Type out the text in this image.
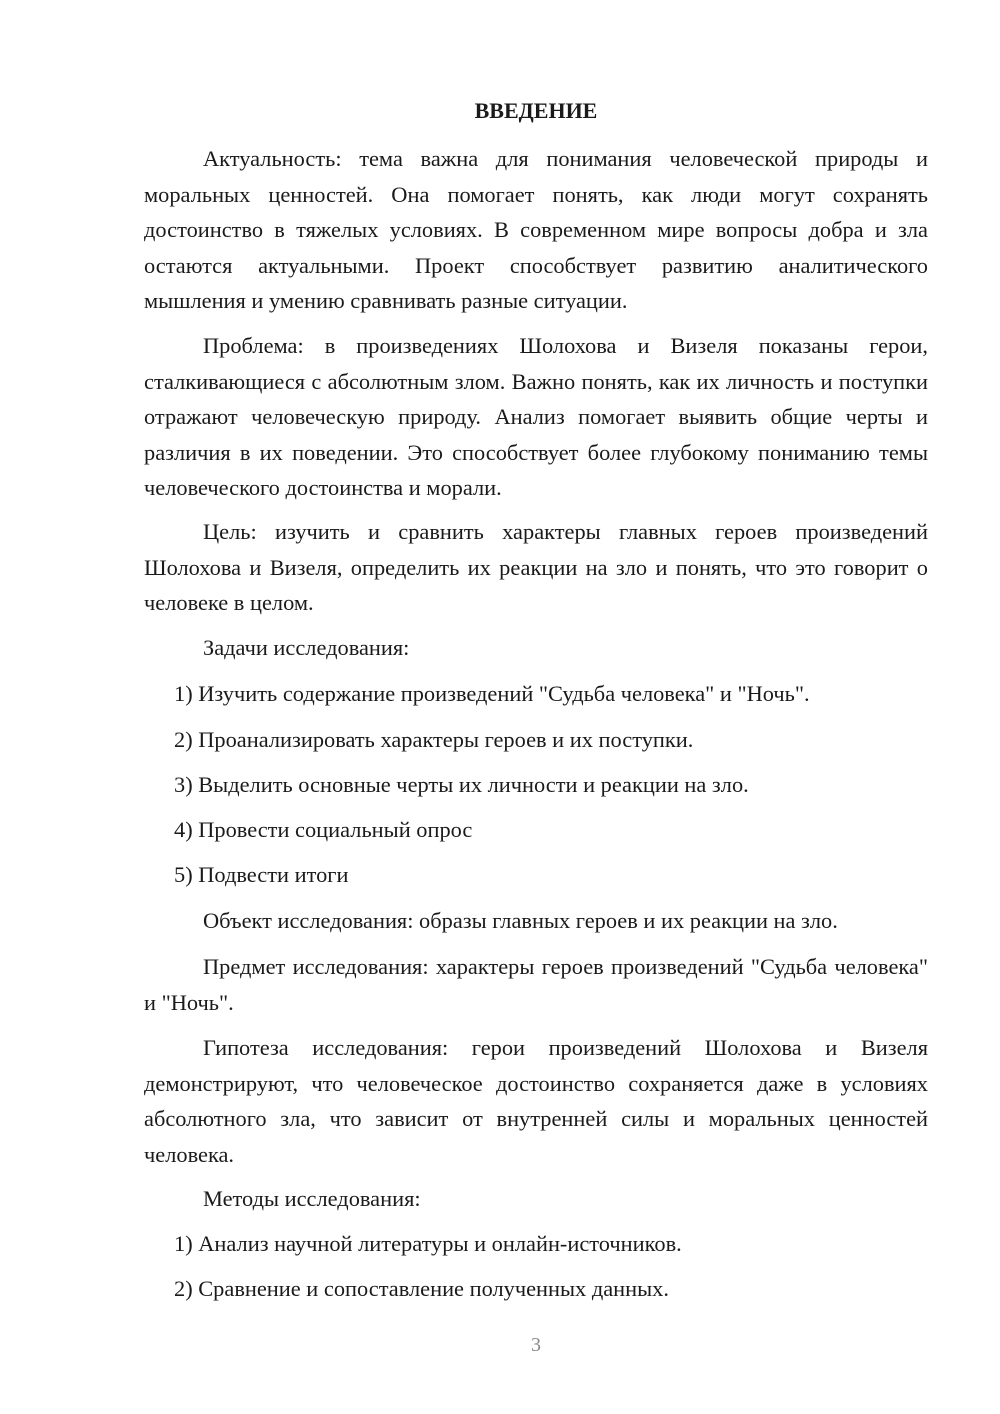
ВВЕДЕНИЕ

Актуальность: тема важна для понимания человеческой природы и моральных ценностей. Она помогает понять, как люди могут сохранять достоинство в тяжелых условиях. В современном мире вопросы добра и зла остаются актуальными. Проект способствует развитию аналитического мышления и умению сравнивать разные ситуации.

Проблема: в произведениях Шолохова и Визеля показаны герои, сталкивающиеся с абсолютным злом. Важно понять, как их личность и поступки отражают человеческую природу. Анализ помогает выявить общие черты и различия в их поведении. Это способствует более глубокому пониманию темы человеческого достоинства и морали.

Цель: изучить и сравнить характеры главных героев произведений Шолохова и Визеля, определить их реакции на зло и понять, что это говорит о человеке в целом.

Задачи исследования:
1) Изучить содержание произведений "Судьба человека" и "Ночь".
2) Проанализировать характеры героев и их поступки.
3) Выделить основные черты их личности и реакции на зло.
4) Провести социальный опрос
5) Подвести итоги
Объект исследования: образы главных героев и их реакции на зло.

Предмет исследования: характеры героев произведений "Судьба человека" и "Ночь".

Гипотеза исследования: герои произведений Шолохова и Визеля демонстрируют, что человеческое достоинство сохраняется даже в условиях абсолютного зла, что зависит от внутренней силы и моральных ценностей человека.

Методы исследования:
1) Анализ научной литературы и онлайн-источников.
2) Сравнение и сопоставление полученных данных.
3
